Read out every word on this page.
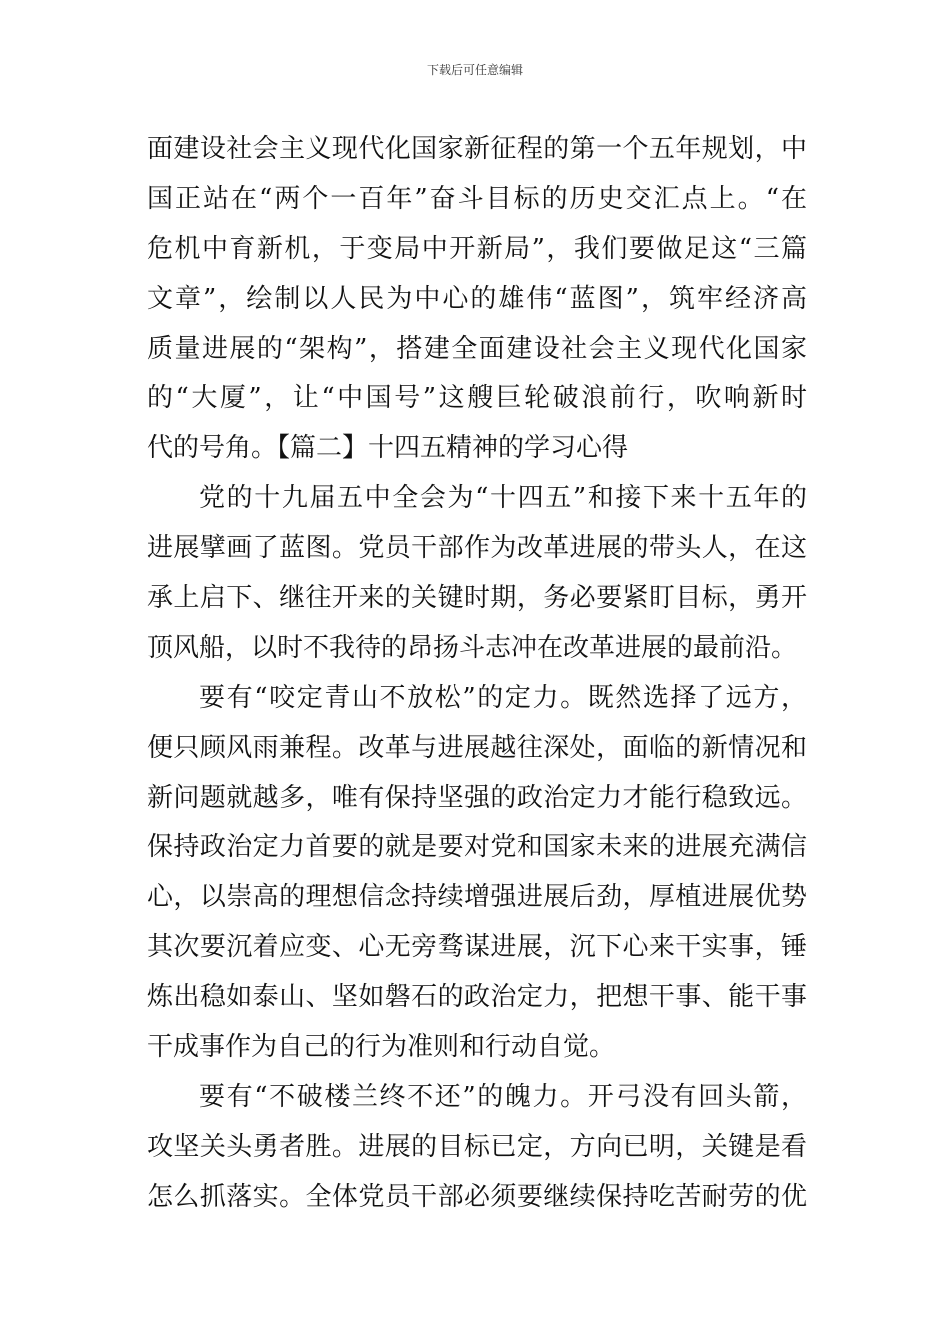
下载后可任意编辑
面建设社会主义现代化国家新征程的第一个五年规划，中
国正站在“两个一百年”奋斗目标的历史交汇点上。“在
危机中育新机，于变局中开新局”，我们要做足这“三篇
文章”，绘制以人民为中心的雄伟“蓝图”，筑牢经济高
质量进展的“架构”，搭建全面建设社会主义现代化国家
的“大厦”，让“中国号”这艘巨轮破浪前行，吹响新时
代的号角。【篇二】十四五精神的学习心得
党的十九届五中全会为“十四五”和接下来十五年的
进展擘画了蓝图。党员干部作为改革进展的带头人，在这
承上启下、继往开来的关键时期，务必要紧盯目标，勇开
顶风船，以时不我待的昂扬斗志冲在改革进展的最前沿。
要有“咬定青山不放松”的定力。既然选择了远方，
便只顾风雨兼程。改革与进展越往深处，面临的新情况和
新问题就越多，唯有保持坚强的政治定力才能行稳致远。
保持政治定力首要的就是要对党和国家未来的进展充满信
心，以崇高的理想信念持续增强进展后劲，厚植进展优势
其次要沉着应变、心无旁骛谋进展，沉下心来干实事，锤
炼出稳如泰山、坚如磐石的政治定力，把想干事、能干事
干成事作为自己的行为准则和行动自觉。
要有“不破楼兰终不还”的魄力。开弓没有回头箭，
攻坚关头勇者胜。进展的目标已定，方向已明，关键是看
怎么抓落实。全体党员干部必须要继续保持吃苦耐劳的优
